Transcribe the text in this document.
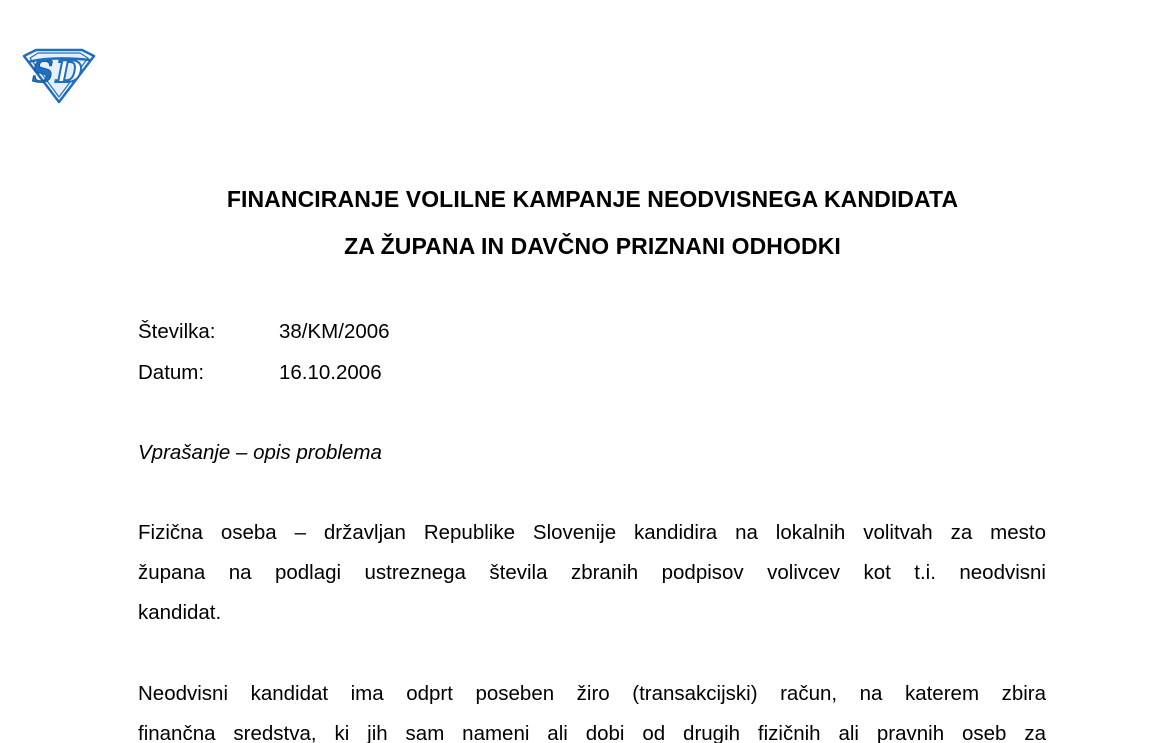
S D
FINANCIRANJE VOLILNE KAMPANJE NEODVISNEGA KANDIDATA
ZA ŽUPANA IN DAVČNO PRIZNANI ODHODKI
Številka:	38/KM/2006
Datum:	16.10.2006
Vprašanje – opis problema
Fizična oseba – državljan Republike Slovenije kandidira na lokalnih volitvah za mesto
župana na podlagi ustreznega števila zbranih podpisov volivcev kot t.i. neodvisni
kandidat.
Neodvisni kandidat ima odprt poseben žiro (transakcijski) račun, na katerem zbira
finančna sredstva, ki jih sam nameni ali dobi od drugih fizičnih ali pravnih oseb za
